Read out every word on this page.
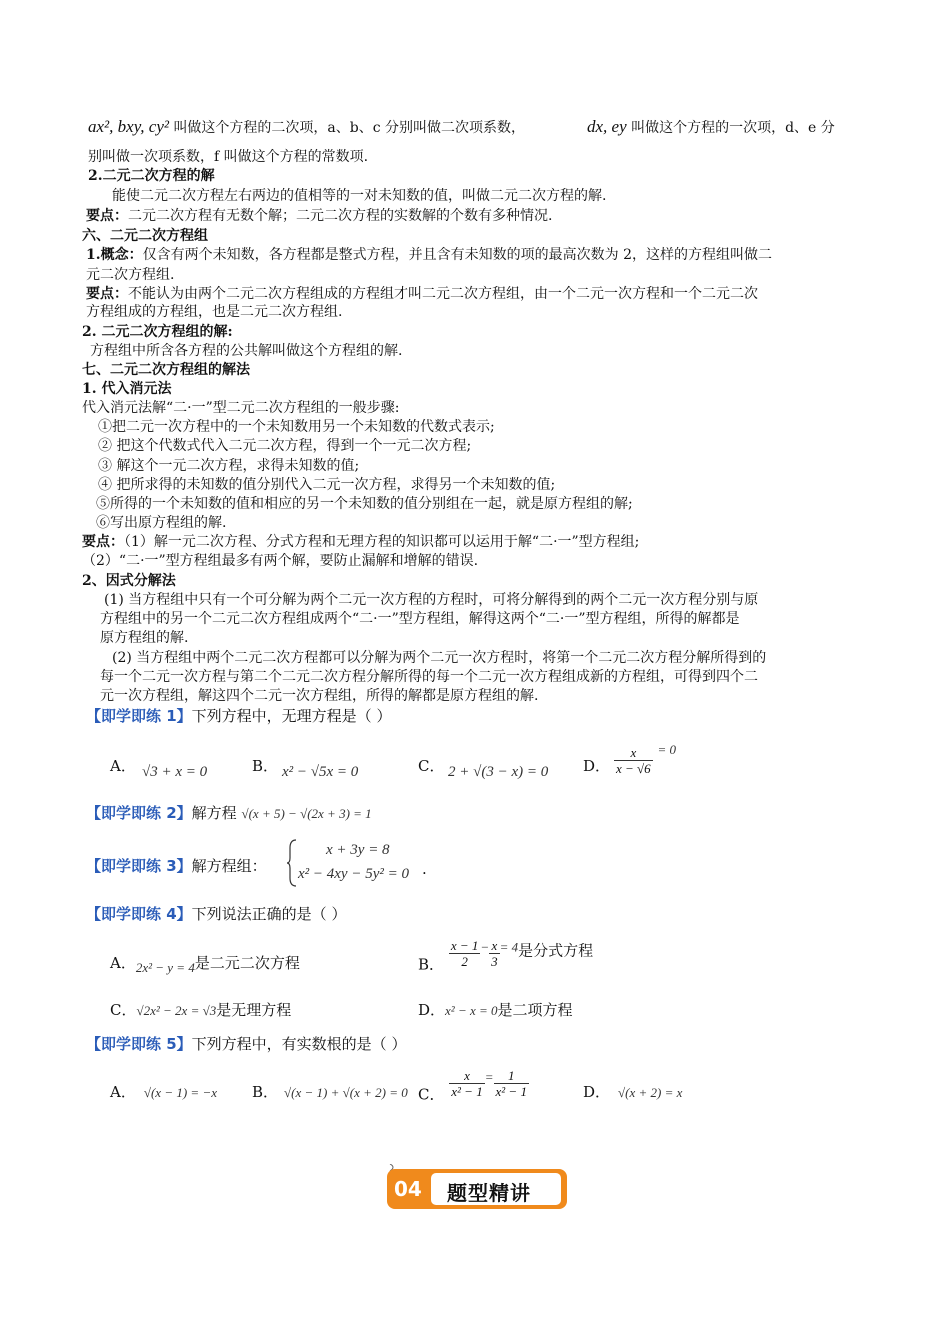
ax², bxy, cy² 叫做这个方程的二次项，a、b、c 分别叫做二次项系数，	dx, ey 叫做这个方程的一次项，d、e 分
别叫做一次项系数，f 叫做这个方程的常数项.
2.二元二次方程的解
能使二元二次方程左右两边的值相等的一对未知数的值，叫做二元二次方程的解.
要点：二元二次方程有无数个解；二元二次方程的实数解的个数有多种情况.
六、二元二次方程组
1.概念：仅含有两个未知数，各方程都是整式方程，并且含有未知数的项的最高次数为 2，这样的方程组叫做二
元二次方程组.
要点：不能认为由两个二元二次方程组成的方程组才叫二元二次方程组，由一个二元一次方程和一个二元二次
方程组成的方程组，也是二元二次方程组.
2. 二元二次方程组的解:
方程组中所含各方程的公共解叫做这个方程组的解.
七、二元二次方程组的解法
1. 代入消元法
代入消元法解“二·一”型二元二次方程组的一般步骤:
①把二元一次方程中的一个未知数用另一个未知数的代数式表示;
② 把这个代数式代入二元二次方程，得到一个一元二次方程;
③ 解这个一元二次方程，求得未知数的值;
④ 把所求得的未知数的值分别代入二元一次方程，求得另一个未知数的值;
⑤所得的一个未知数的值和相应的另一个未知数的值分别组在一起，就是原方程组的解;
⑥写出原方程组的解.
要点：（1）解一元二次方程、分式方程和无理方程的知识都可以运用于解“二·一”型方程组;
（2）“二·一”型方程组最多有两个解，要防止漏解和增解的错误.
2、因式分解法
(1) 当方程组中只有一个可分解为两个二元一次方程的方程时，可将分解得到的两个二元一次方程分别与原
方程组中的另一个二元二次方程组成两个“二·一”型方程组，解得这两个“二·一”型方程组，所得的解都是
原方程组的解.
(2) 当方程组中两个二元二次方程都可以分解为两个二元一次方程时，将第一个二元二次方程分解所得到的
每一个二元一次方程与第二个二元二次方程分解所得的每一个二元一次方程组成新的方程组，可得到四个二
元一次方程组，解这四个二元一次方程组，所得的解都是原方程组的解.
【即学即练 1】下列方程中，无理方程是（ ）
A． √3 + x = 0	B． x² − √5x = 0	C． 2 + √(3 − x) = 0 D． $\frac{x}{x - √6} = 0$
【即学即练 2】解方程 √(x + 5) − √(2x + 3) = 1
【即学即练 3】解方程组：
x + 3y = 8
x² − 4xy − 5y² = 0 .
【即学即练 4】下列说法正确的是（ ）
A．2x² − y = 4是二元二次方程	B． $\frac{x - 1}{2} - \frac{x}{3} = 4$是分式方程
C．√2x² − 2x = √3是无理方程	D．x² − x = 0是二项方程
【即学即练 5】下列方程中，有实数根的是（ ）
A． √(x − 1) = −x B． √(x − 1) + √(x + 2) = 0 C． $\frac{x}{\text{x² − 1}} = \frac{1}{\text{x² − 1}}$	D． √(x + 2) = x
04 题型精讲
